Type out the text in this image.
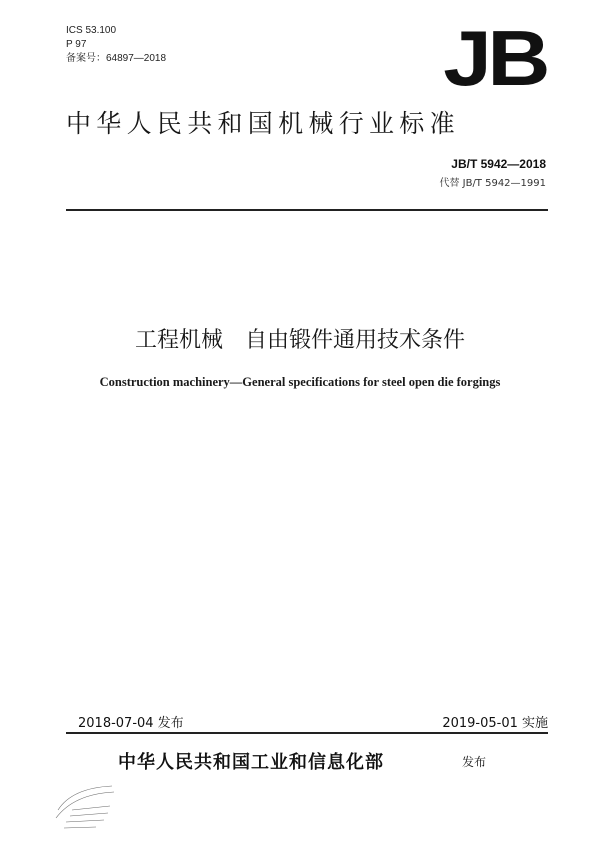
ICS 53.100
P 97
备案号：64897—2018	JB
中华人民共和国机械行业标准
JB/T 5942—2018
代替 JB/T 5942—1991
工程机械　自由锻件通用技术条件
Construction machinery—General specifications for steel open die forgings
2018-07-04 发布	2019-05-01 实施
中华人民共和国工业和信息化部	发布
